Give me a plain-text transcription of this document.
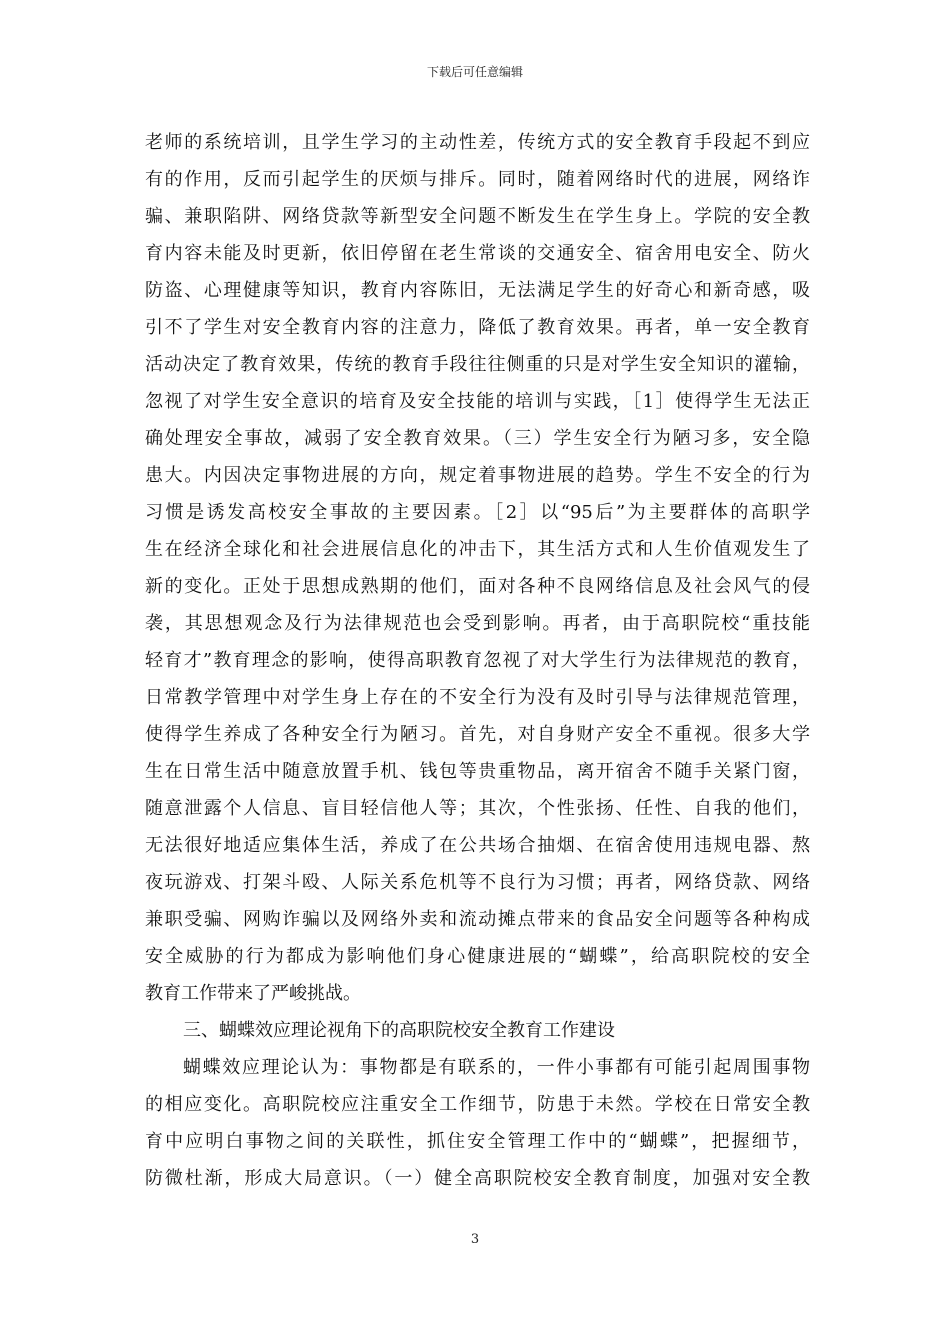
下载后可任意编辑
老师的系统培训，且学生学习的主动性差，传统方式的安全教育手段起不到应
有的作用，反而引起学生的厌烦与排斥。同时，随着网络时代的进展，网络诈
骗、兼职陷阱、网络贷款等新型安全问题不断发生在学生身上。学院的安全教
育内容未能及时更新，依旧停留在老生常谈的交通安全、宿舍用电安全、防火
防盗、心理健康等知识，教育内容陈旧，无法满足学生的好奇心和新奇感，吸
引不了学生对安全教育内容的注意力，降低了教育效果。再者，单一安全教育
活动决定了教育效果，传统的教育手段往往侧重的只是对学生安全知识的灌输，
忽视了对学生安全意识的培育及安全技能的培训与实践，［1］使得学生无法正
确处理安全事故，减弱了安全教育效果。（三）学生安全行为陋习多，安全隐
患大。内因决定事物进展的方向，规定着事物进展的趋势。学生不安全的行为
习惯是诱发高校安全事故的主要因素。［2］以“95后”为主要群体的高职学
生在经济全球化和社会进展信息化的冲击下，其生活方式和人生价值观发生了
新的变化。正处于思想成熟期的他们，面对各种不良网络信息及社会风气的侵
袭，其思想观念及行为法律规范也会受到影响。再者，由于高职院校“重技能
轻育才”教育理念的影响，使得高职教育忽视了对大学生行为法律规范的教育，
日常教学管理中对学生身上存在的不安全行为没有及时引导与法律规范管理，
使得学生养成了各种安全行为陋习。首先，对自身财产安全不重视。很多大学
生在日常生活中随意放置手机、钱包等贵重物品，离开宿舍不随手关紧门窗，
随意泄露个人信息、盲目轻信他人等；其次，个性张扬、任性、自我的他们，
无法很好地适应集体生活，养成了在公共场合抽烟、在宿舍使用违规电器、熬
夜玩游戏、打架斗殴、人际关系危机等不良行为习惯；再者，网络贷款、网络
兼职受骗、网购诈骗以及网络外卖和流动摊点带来的食品安全问题等各种构成
安全威胁的行为都成为影响他们身心健康进展的“蝴蝶”，给高职院校的安全
教育工作带来了严峻挑战。
三、蝴蝶效应理论视角下的高职院校安全教育工作建设
蝴蝶效应理论认为：事物都是有联系的，一件小事都有可能引起周围事物
的相应变化。高职院校应注重安全工作细节，防患于未然。学校在日常安全教
育中应明白事物之间的关联性，抓住安全管理工作中的“蝴蝶”，把握细节，
防微杜渐，形成大局意识。（一）健全高职院校安全教育制度，加强对安全教
3
